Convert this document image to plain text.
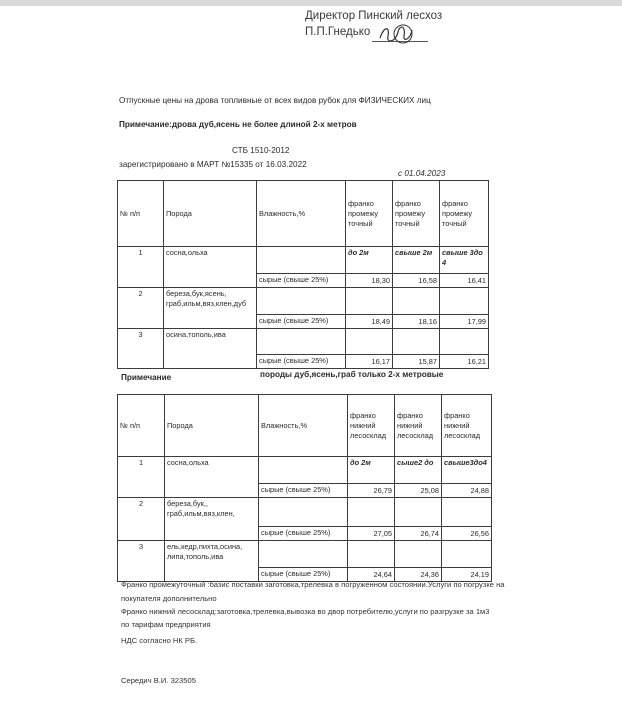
Директор Пинский лесхоз
П.П.Гнедько
Отпускные цены на дрова топливные от всех видов рубок для ФИЗИЧЕСКИХ лиц
Примечание:дрова дуб,ясень не более длиной 2-х метров
СТБ 1510-2012
зарегистрировано в МАРТ №15335 от 16.03.2022
с 01.04.2023
№ п/п	Порода	Влажность,%	франко промежу точный	франко промежу точный	франко промежу точный
1	сосна,ольха		до 2м	свыше 2м	свыше 3до 4
		сырые (свыше 25%)	18,30	16,58	16,41
2	береза,бук,ясень, граб,ильм,вяз,клен,дуб				
		сырые (свыше 25%)	18,49	18,16	17,99
3	осина,тополь,ива				
		сырые (свыше 25%)	16,17	15,87	16,21
Примечание	породы дуб,ясень,граб только 2-х метровые
№ п/п	Порода	Влажность,%	франко нижний лесосклад	франко нижний лесосклад	франко нижний лесосклад
1	сосна,ольха		до 2м	сыше2 до	свыше3до4
		сырые (свыше 25%)	26,79	25,08	24,88
2	береза,бук,, граб,ильм,вяз,клен,				
		сырые (свыше 25%)	27,05	26,74	26,56
3	ель,кедр,пихта,осина, липа,тополь,ива				
		сырые (свыше 25%)	24,64	24,36	24,19
Франко промежуточный :базис поставки заготовка,трелевка в погруженном состоянии.Услуги по погрузке на
покупателя дополнительно
Франко нижний лесосклад:заготовка,трелевка,вывозка во двор потребителю,услуги по разгрузке за 1м3
по тарифам предприятия
НДС согласно НК РБ.
Середич В.И. 323505
